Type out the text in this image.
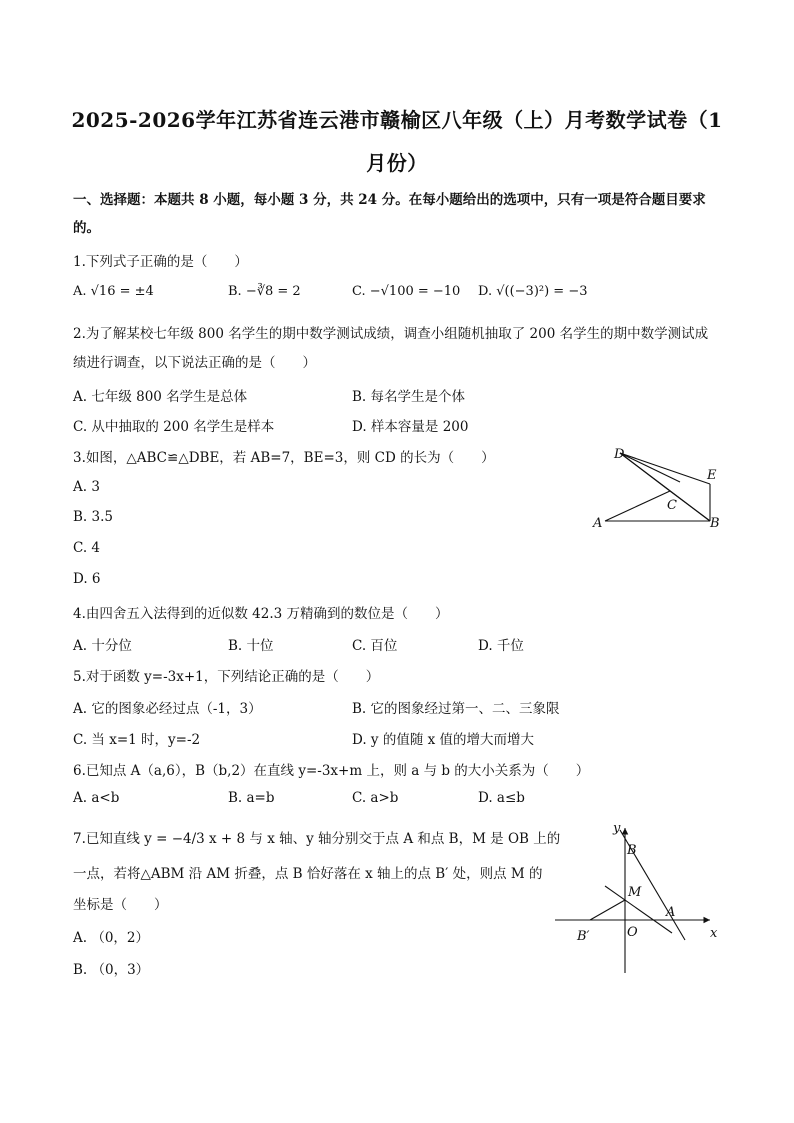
2025-2026学年江苏省连云港市赣榆区八年级（上）月考数学试卷（1
月份）
一、选择题：本题共 8 小题，每小题 3 分，共 24 分。在每小题给出的选项中，只有一项是符合题目要求
的。
1.下列式子正确的是（　　）
A. √16 = ±4	B. −∛8 = 2	C. −√100 = −10 D. √((−3)²) = −3
2.为了解某校七年级 800 名学生的期中数学测试成绩，调查小组随机抽取了 200 名学生的期中数学测试成
绩进行调查，以下说法正确的是（　　）
A. 七年级 800 名学生是总体	B. 每名学生是个体
C. 从中抽取的 200 名学生是样本	D. 样本容量是 200
3.如图，△ABC≌△DBE，若 AB=7，BE=3，则 CD 的长为（　　）
A. 3
B. 3.5
C. 4
D. 6
D
E
C
A	B
4.由四舍五入法得到的近似数 42.3 万精确到的数位是（　　）
A. 十分位	B. 十位	C. 百位	D. 千位
5.对于函数 y=-3x+1，下列结论正确的是（　　）
A. 它的图象必经过点（-1，3）	B. 它的图象经过第一、二、三象限
C. 当 x=1 时，y=-2	D. y 的值随 x 值的增大而增大
6.已知点 A（a,6），B（b,2）在直线 y=-3x+m 上，则 a 与 b 的大小关系为（　　）
A. a<b	B. a=b	C. a>b	D. a≤b
7.已知直线 y = −4/3 x + 8 与 x 轴、y 轴分别交于点 A 和点 B，M 是 OB 上的
一点，若将△ABM 沿 AM 折叠，点 B 恰好落在 x 轴上的点 B′ 处，则点 M 的
坐标是（　　）
A. （0，2）
B. （0，3）
y
B
M
A
B′	O	x
